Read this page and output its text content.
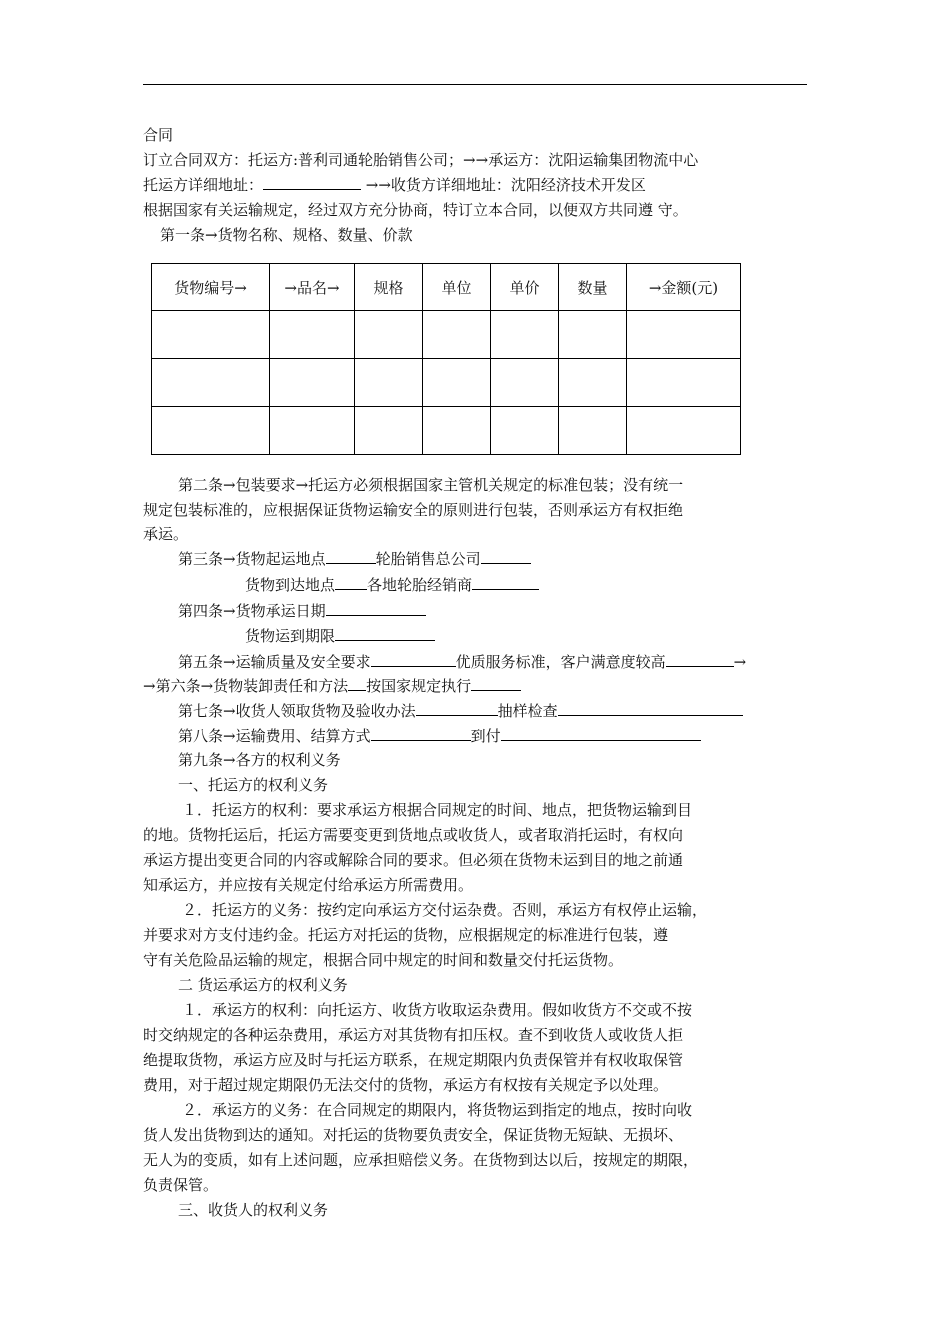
合同
订立合同双方：托运方:普利司通轮胎销售公司；→→承运方：沈阳运输集团物流中心
托运方详细地址：	→→收货方详细地址：沈阳经济技术开发区
根据国家有关运输规定，经过双方充分协商，特订立本合同，以便双方共同遵 守。
第一条→货物名称、规格、数量、价款
货物编号→	→品名→	规格	单位	单价	数量	→金额(元)

第二条→包装要求→托运方必须根据国家主管机关规定的标准包装；没有统一
规定包装标准的，应根据保证货物运输安全的原则进行包装，否则承运方有权拒绝
承运。
第三条→货物起运地点	轮胎销售总公司
货物到达地点 各地轮胎经销商
第四条→货物承运日期
货物运到期限
第五条→运输质量及安全要求	优质服务标准，客户满意度较高	→
→第六条→货物装卸责任和方法 按国家规定执行
第七条→收货人领取货物及验收办法	抽样检查
第八条→运输费用、结算方式	到付
第九条→各方的权利义务
一、托运方的权利义务
１．托运方的权利：要求承运方根据合同规定的时间、地点，把货物运输到目
的地。货物托运后，托运方需要变更到货地点或收货人，或者取消托运时，有权向
承运方提出变更合同的内容或解除合同的要求。但必须在货物未运到目的地之前通
知承运方，并应按有关规定付给承运方所需费用。
２．托运方的义务：按约定向承运方交付运杂费。否则，承运方有权停止运输，
并要求对方支付违约金。托运方对托运的货物，应根据规定的标准进行包装，遵
守有关危险品运输的规定，根据合同中规定的时间和数量交付托运货物。
二 货运承运方的权利义务
１．承运方的权利：向托运方、收货方收取运杂费用。假如收货方不交或不按
时交纳规定的各种运杂费用，承运方对其货物有扣压权。查不到收货人或收货人拒
绝提取货物，承运方应及时与托运方联系，在规定期限内负责保管并有权收取保管
费用，对于超过规定期限仍无法交付的货物，承运方有权按有关规定予以处理。
２．承运方的义务：在合同规定的期限内，将货物运到指定的地点，按时向收
货人发出货物到达的通知。对托运的货物要负责安全，保证货物无短缺、无损坏、
无人为的变质，如有上述问题，应承担赔偿义务。在货物到达以后，按规定的期限，
负责保管。
三、收货人的权利义务
